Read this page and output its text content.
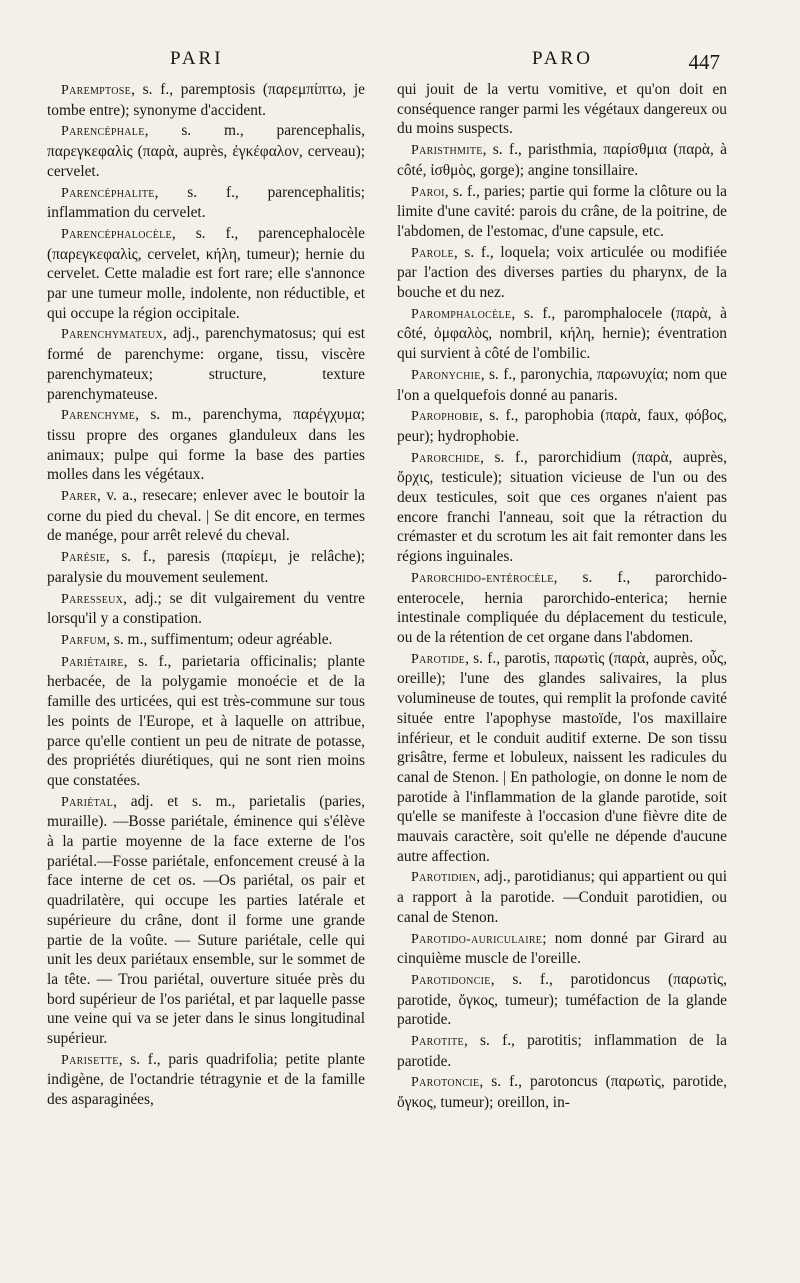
PARI	PARO	447

Paremptose, s. f., paremptosis (παρεμπίπτω, je tombe entre); synonyme d'accident.

Parencéphale, s. m., parencephalis, παρεγκεφαλὶς (παρὰ, auprès, ἐγκέφαλον, cerveau); cervelet.

Parencéphalite, s. f., parencephalitis; inflammation du cervelet.

Parencéphalocèle, s. f., parencephalocèle (παρεγκεφαλὶς, cervelet, κήλη, tumeur); hernie du cervelet. Cette maladie est fort rare; elle s'annonce par une tumeur molle, indolente, non réductible, et qui occupe la région occipitale.

Parenchymateux, adj., parenchymatosus; qui est formé de parenchyme: organe, tissu, viscère parenchymateux; structure, texture parenchymateuse.

Parenchyme, s. m., parenchyma, παρέγχυμα; tissu propre des organes glanduleux dans les animaux; pulpe qui forme la base des parties molles dans les végétaux.

Parer, v. a., resecare; enlever avec le boutoir la corne du pied du cheval. | Se dit encore, en termes de manége, pour arrêt relevé du cheval.

Parésie, s. f., paresis (παρίεμι, je relâche); paralysie du mouvement seulement.

Paresseux, adj.; se dit vulgairement du ventre lorsqu'il y a constipation.

Parfum, s. m., suffimentum; odeur agréable.

Pariétaire, s. f., parietaria officinalis; plante herbacée, de la polygamie monoécie et de la famille des urticées, qui est très-commune sur tous les points de l'Europe, et à laquelle on attribue, parce qu'elle contient un peu de nitrate de potasse, des propriétés diurétiques, qui ne sont rien moins que constatées.

Pariétal, adj. et s. m., parietalis (paries, muraille). —Bosse pariétale, éminence qui s'élève à la partie moyenne de la face externe de l'os pariétal.—Fosse pariétale, enfoncement creusé à la face interne de cet os. —Os pariétal, os pair et quadrilatère, qui occupe les parties latérale et supérieure du crâne, dont il forme une grande partie de la voûte. — Suture pariétale, celle qui unit les deux pariétaux ensemble, sur le sommet de la tête. — Trou pariétal, ouverture située près du bord supérieur de l'os pariétal, et par laquelle passe une veine qui va se jeter dans le sinus longitudinal supérieur.

Parisette, s. f., paris quadrifolia; petite plante indigène, de l'octandrie tétragynie et de la famille des asparaginées,

qui jouit de la vertu vomitive, et qu'on doit en conséquence ranger parmi les végétaux dangereux ou du moins suspects.

Paristhmite, s. f., paristhmia, παρίσθμια (παρὰ, à côté, ἰσθμὸς, gorge); angine tonsillaire.

Paroi, s. f., paries; partie qui forme la clôture ou la limite d'une cavité: parois du crâne, de la poitrine, de l'abdomen, de l'estomac, d'une capsule, etc.

Parole, s. f., loquela; voix articulée ou modifiée par l'action des diverses parties du pharynx, de la bouche et du nez.

Paromphalocèle, s. f., paromphalocele (παρὰ, à côté, ὀμφαλὸς, nombril, κήλη, hernie); éventration qui survient à côté de l'ombilic.

Paronychie, s. f., paronychia, παρωνυχία; nom que l'on a quelquefois donné au panaris.

Parophobie, s. f., parophobia (παρὰ, faux, φόβος, peur); hydrophobie.

Parorchide, s. f., parorchidium (παρὰ, auprès, ὄρχις, testicule); situation vicieuse de l'un ou des deux testicules, soit que ces organes n'aient pas encore franchi l'anneau, soit que la rétraction du crémaster et du scrotum les ait fait remonter dans les régions inguinales.

Parorchido-entérocèle, s. f., parorchido-enterocele, hernia parorchido-enterica; hernie intestinale compliquée du déplacement du testicule, ou de la rétention de cet organe dans l'abdomen.

Parotide, s. f., parotis, παρωτὶς (παρὰ, auprès, οὖς, oreille); l'une des glandes salivaires, la plus volumineuse de toutes, qui remplit la profonde cavité située entre l'apophyse mastoïde, l'os maxillaire inférieur, et le conduit auditif externe. De son tissu grisâtre, ferme et lobuleux, naissent les radicules du canal de Stenon. | En pathologie, on donne le nom de parotide à l'inflammation de la glande parotide, soit qu'elle se manifeste à l'occasion d'une fièvre dite de mauvais caractère, soit qu'elle ne dépende d'aucune autre affection.

Parotidien, adj., parotidianus; qui appartient ou qui a rapport à la parotide. —Conduit parotidien, ou canal de Stenon.

Parotido-auriculaire; nom donné par Girard au cinquième muscle de l'oreille.

Parotidoncie, s. f., parotidoncus (παρωτὶς, parotide, ὄγκος, tumeur); tuméfaction de la glande parotide.

Parotite, s. f., parotitis; inflammation de la parotide.

Parotoncie, s. f., parotoncus (παρωτὶς, parotide, ὄγκος, tumeur); oreillon, in-
